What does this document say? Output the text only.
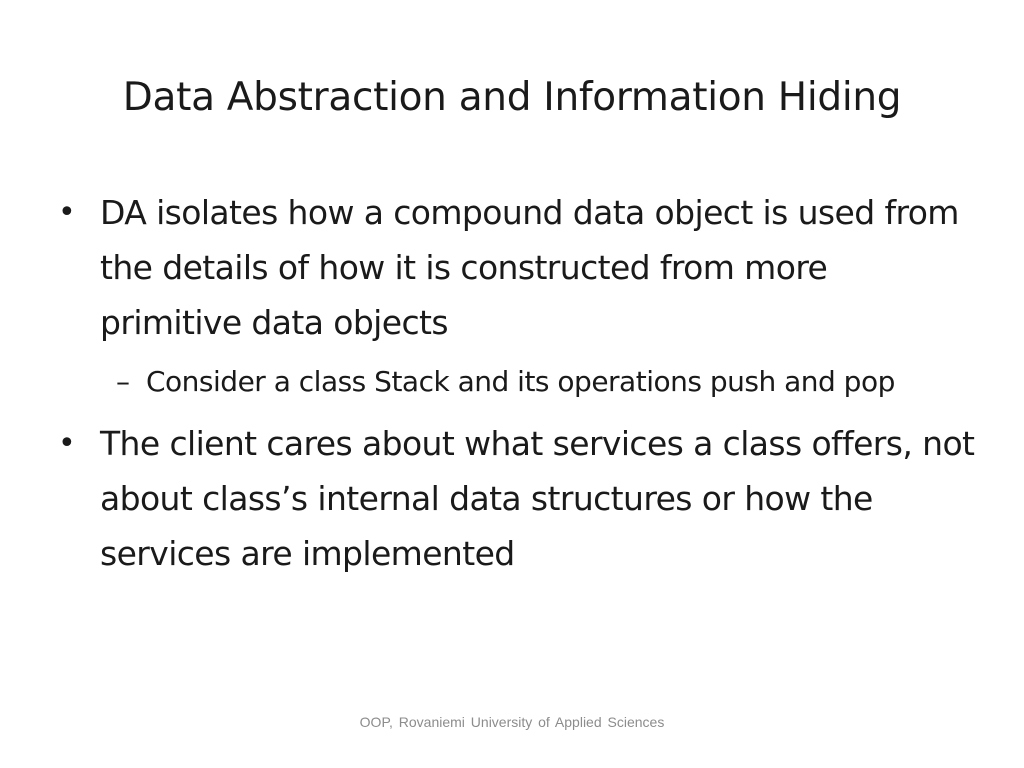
Data Abstraction and Information Hiding
• DA isolates how a compound data object is used from the details of how it is constructed from more primitive data objects
– Consider a class Stack and its operations push and pop
• The client cares about what services a class offers, not about class’s internal data structures or how the services are implemented
OOP, Rovaniemi University of Applied Sciences
